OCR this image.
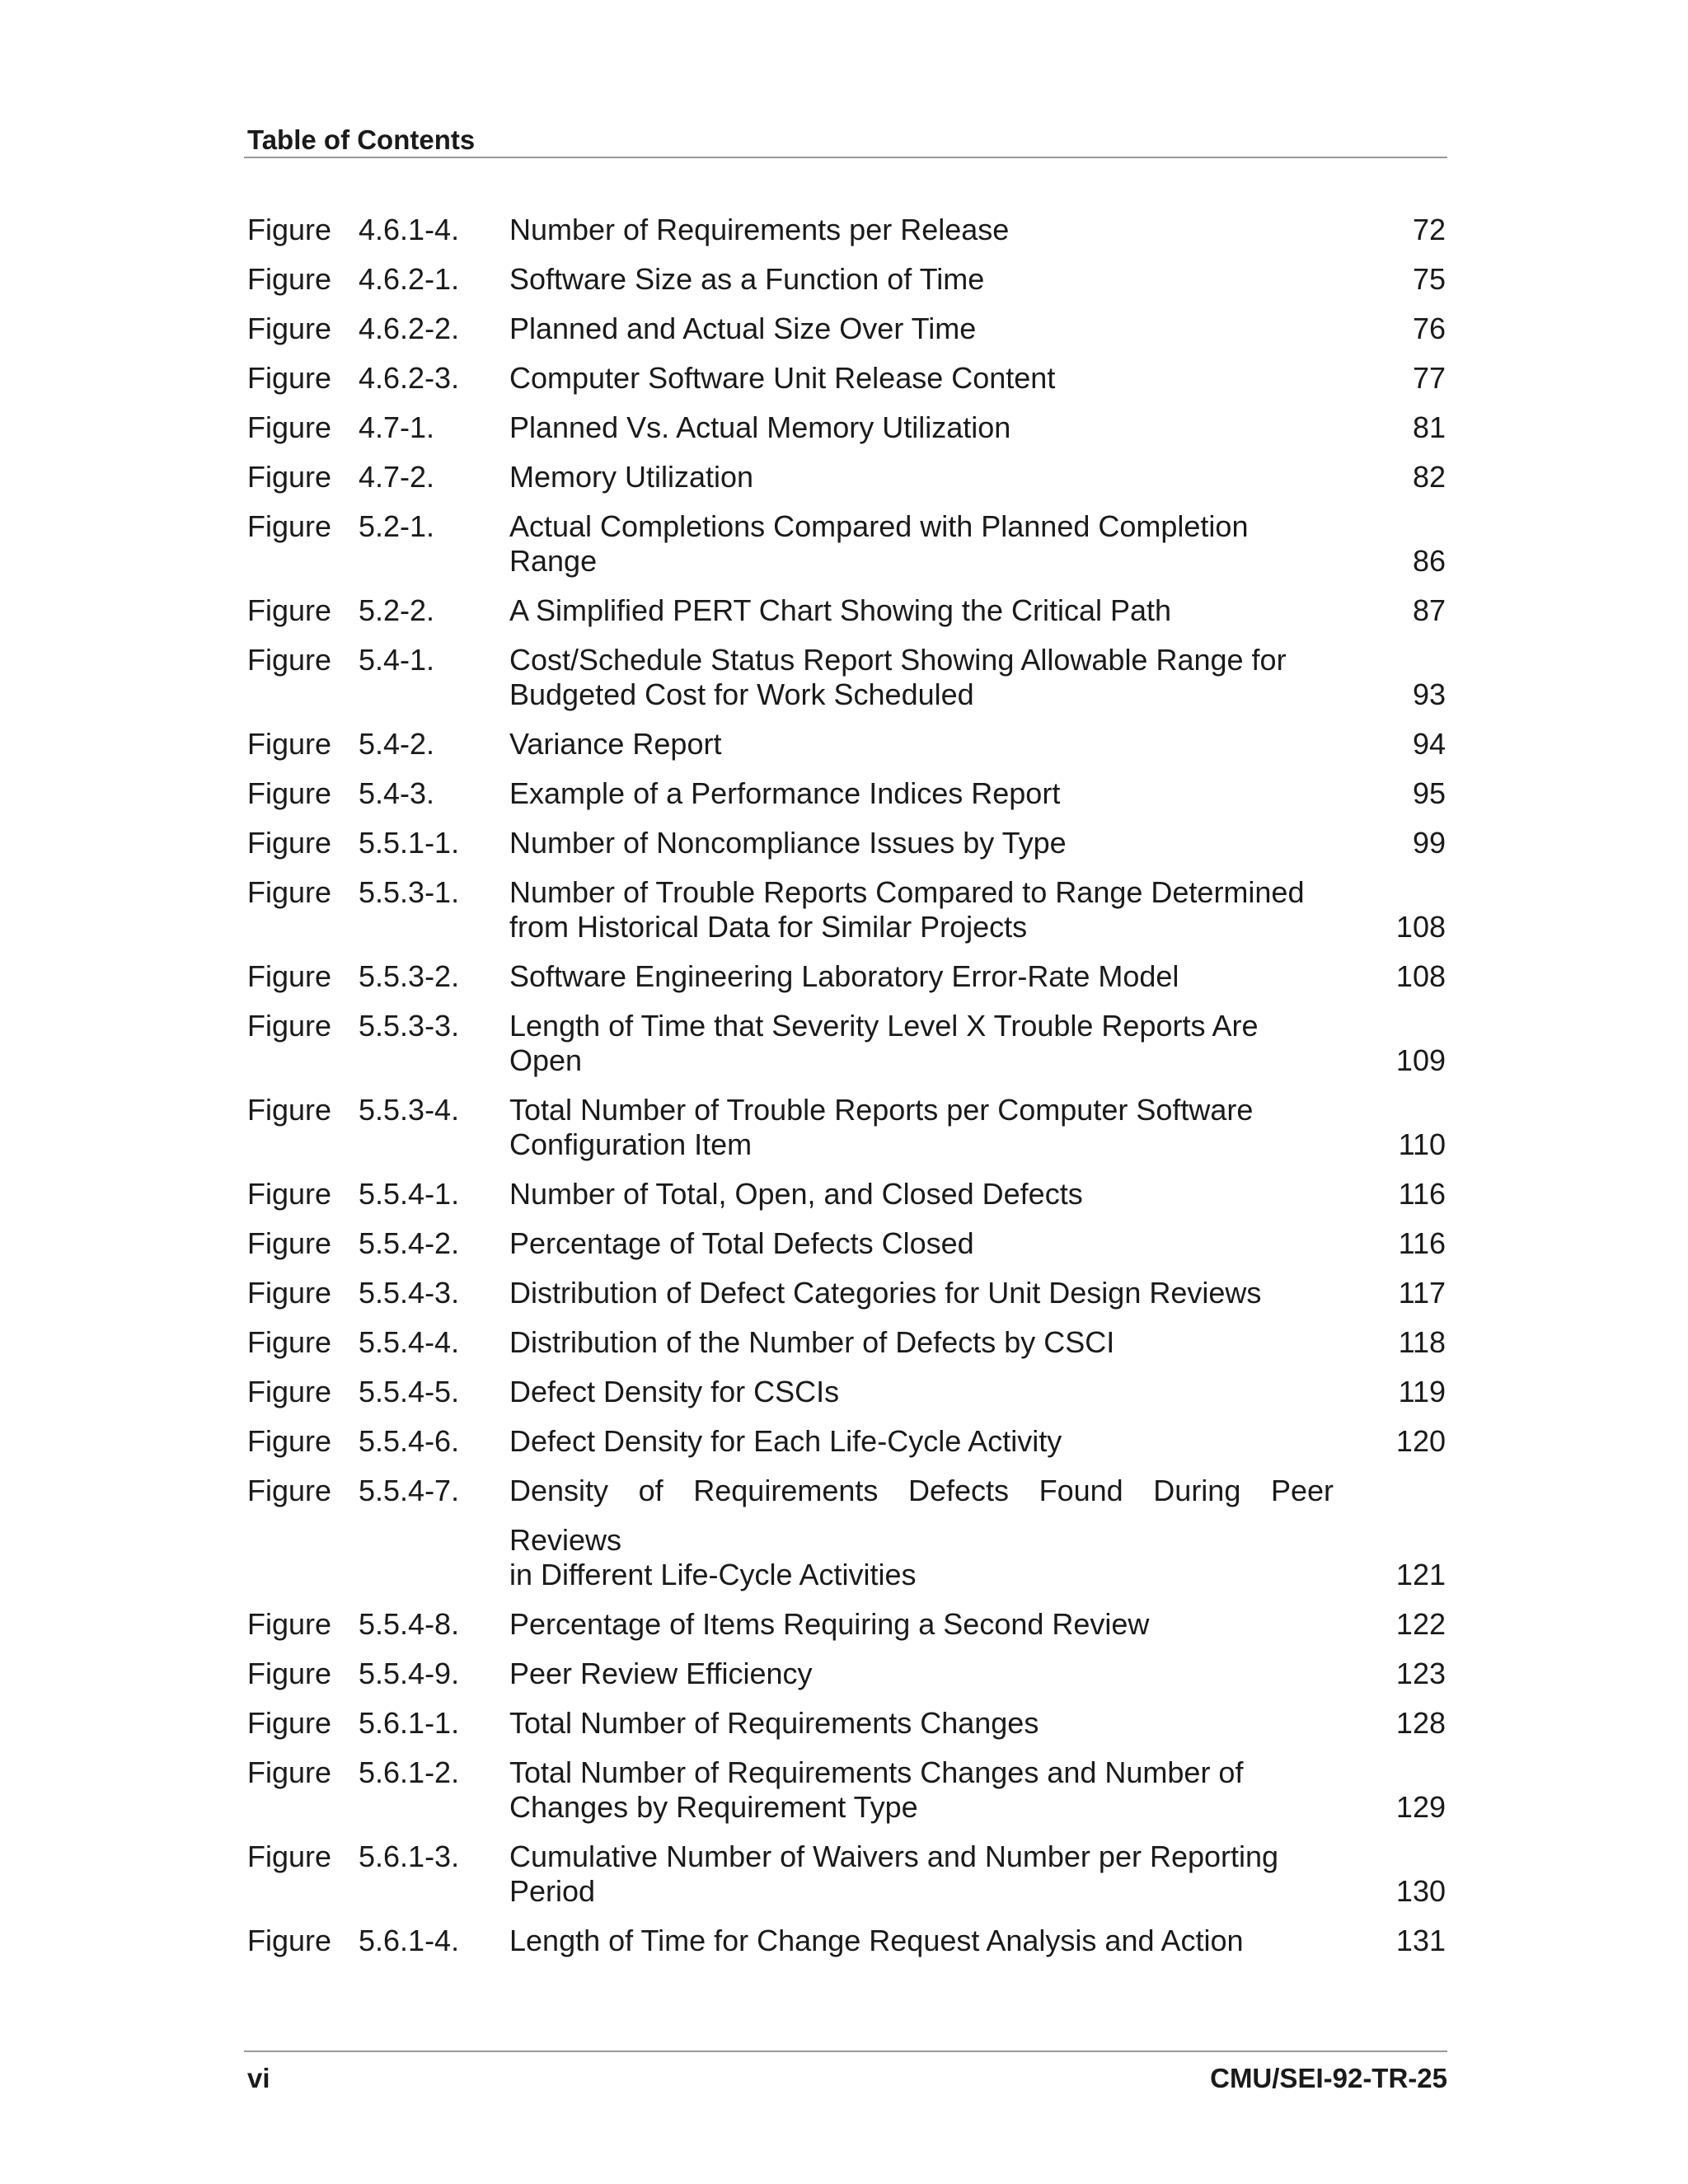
Table of Contents
Figure 4.6.1-4.	Number of Requirements per Release	72
Figure 4.6.2-1.	Software Size as a Function of Time	75
Figure 4.6.2-2.	Planned and Actual Size Over Time	76
Figure 4.6.2-3.	Computer Software Unit Release Content	77
Figure 4.7-1.	Planned Vs. Actual Memory Utilization	81
Figure 4.7-2.	Memory Utilization	82
Figure 5.2-1.	Actual Completions Compared with Planned Completion Range	86
Figure 5.2-2.	A Simplified PERT Chart Showing the Critical Path	87
Figure 5.4-1.	Cost/Schedule Status Report Showing Allowable Range for Budgeted Cost for Work Scheduled	93
Figure 5.4-2.	Variance Report	94
Figure 5.4-3.	Example of a Performance Indices Report	95
Figure 5.5.1-1.	Number of Noncompliance Issues by Type	99
Figure 5.5.3-1.	Number of Trouble Reports Compared to Range Determined from Historical Data for Similar Projects	108
Figure 5.5.3-2.	Software Engineering Laboratory Error-Rate Model	108
Figure 5.5.3-3.	Length of Time that Severity Level X Trouble Reports Are Open	109
Figure 5.5.3-4.	Total Number of Trouble Reports per Computer Software Configuration Item	110
Figure 5.5.4-1.	Number of Total, Open, and Closed Defects	116
Figure 5.5.4-2.	Percentage of Total Defects Closed	116
Figure 5.5.4-3.	Distribution of Defect Categories for Unit Design Reviews	117
Figure 5.5.4-4.	Distribution of the Number of Defects by CSCI	118
Figure 5.5.4-5.	Defect Density for CSCIs	119
Figure 5.5.4-6.	Defect Density for Each Life-Cycle Activity	120
Figure 5.5.4-7.	Density of Requirements Defects Found During Peer
Reviews
in Different Life-Cycle Activities	121
Figure 5.5.4-8.	Percentage of Items Requiring a Second Review	122
Figure 5.5.4-9.	Peer Review Efficiency	123
Figure 5.6.1-1.	Total Number of Requirements Changes	128
Figure 5.6.1-2.	Total Number of Requirements Changes and Number of Changes by Requirement Type	129
Figure 5.6.1-3.	Cumulative Number of Waivers and Number per Reporting Period	130
Figure 5.6.1-4.	Length of Time for Change Request Analysis and Action	131
vi	CMU/SEI-92-TR-25
